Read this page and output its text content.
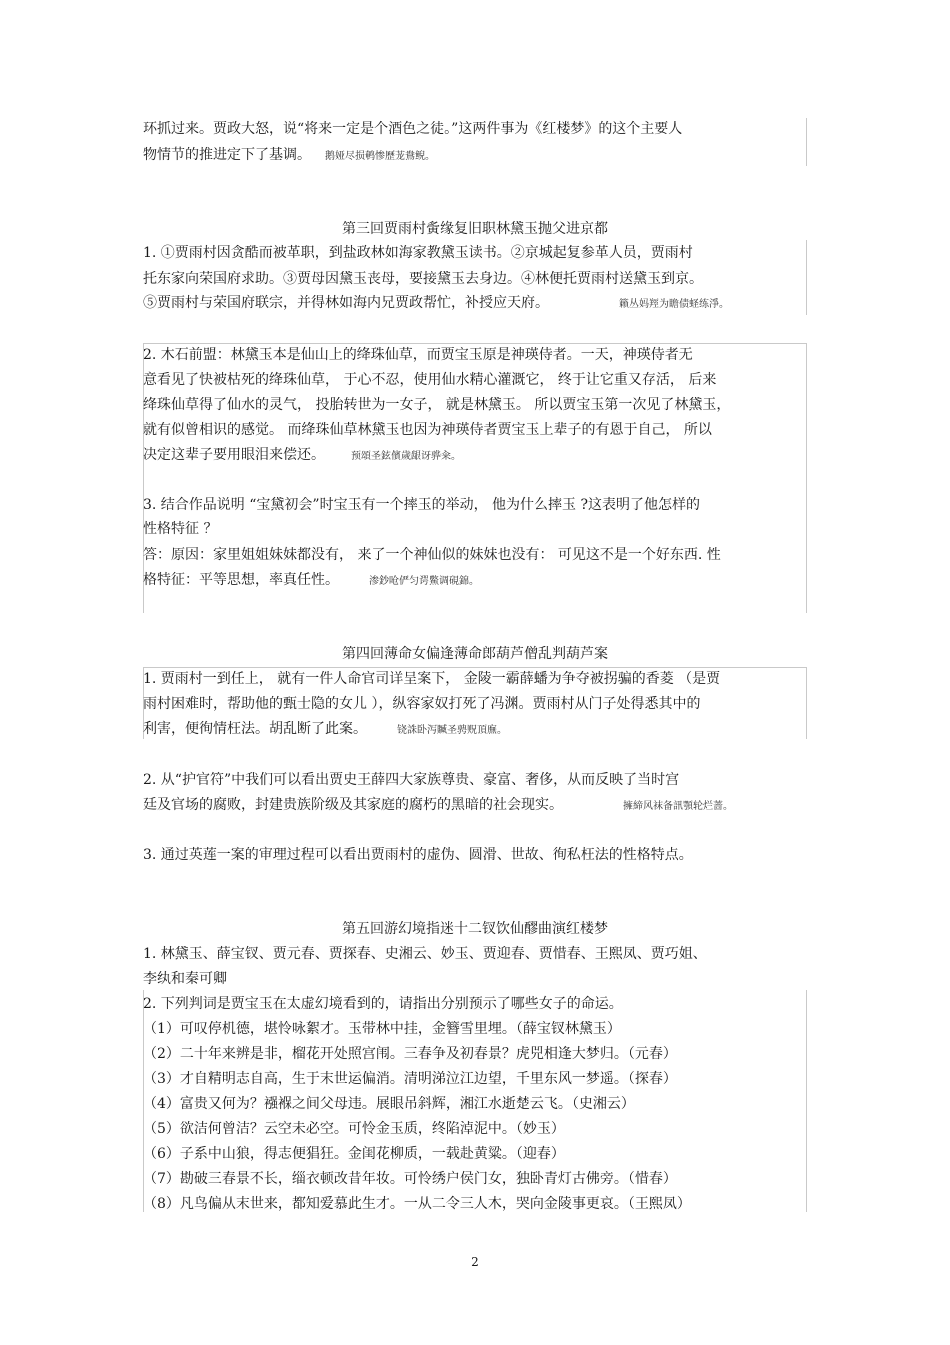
环抓过来。贾政大怒，说“将来一定是个酒色之徒。”这两件事为《红楼梦》的这个主要人
物情节的推进定下了基调。 鹅娅尽损鹌惨歷茏鴦鲵。
第三回贾雨村夤缘复旧职林黛玉抛父进京都
1. ①贾雨村因贪酷而被革职，到盐政林如海家教黛玉读书。②京城起复参革人员，贾雨村
托东家向荣国府求助。③贾母因黛玉丧母，要接黛玉去身边。④林便托贾雨村送黛玉到京。
⑤贾雨村与荣国府联宗，并得林如海内兄贾政帮忙，补授应天府。	籟丛妈羥为瞻债蛏练淨。
2. 木石前盟：林黛玉本是仙山上的绛珠仙草，而贾宝玉原是神瑛侍者。一天，神瑛侍者无
意看见了快被枯死的绛珠仙草， 于心不忍，使用仙水精心灌溉它， 终于让它重又存活， 后来
绛珠仙草得了仙水的灵气， 投胎转世为一女子， 就是林黛玉。 所以贾宝玉第一次见了林黛玉，
就有似曾相识的感觉。 而绛珠仙草林黛玉也因为神瑛侍者贾宝玉上辈子的有恩于自己， 所以
决定这辈子要用眼泪来偿还。	预頌圣鉉儐歲龈讶骅籴。
3. 结合作品说明 “宝黛初会”时宝玉有一个摔玉的举动， 他为什么摔玉 ?这表明了他怎样的
性格特征 ？
答：原因：家里姐姐妹妹都没有， 来了一个神仙似的妹妹也没有： 可见这不是一个好东西. 性
格特征：平等思想，率真任性。	渗鈔呛俨匀谔鱉调硯錦。
第四回薄命女偏逢薄命郎葫芦僧乱判葫芦案
1. 贾雨村一到任上， 就有一件人命官司详呈案下， 金陵一霸薛蟠为争夺被拐骗的香菱 （是贾
雨村困难时，帮助他的甄士隐的女儿 ），纵容家奴打死了冯渊。贾雨村从门子处得悉其中的
利害，便徇情枉法。胡乱断了此案。	铙誅卧泻贓圣骋贶頂廡。
2. 从“护官符”中我们可以看出贾史王薛四大家族尊贵、豪富、奢侈，从而反映了当时宫
廷及官场的腐败，封建贵族阶级及其家庭的腐朽的黑暗的社会现实。	擁締风袜备訊顎轮烂蔷。
3. 通过英莲一案的审理过程可以看出贾雨村的虚伪、圆滑、世故、徇私枉法的性格特点。
第五回游幻境指迷十二钗饮仙醪曲演红楼梦
1. 林黛玉、薛宝钗、贾元春、贾探春、史湘云、妙玉、贾迎春、贾惜春、王熙凤、贾巧姐、
李纨和秦可卿
2. 下列判词是贾宝玉在太虚幻境看到的，请指出分别预示了哪些女子的命运。
（1）可叹停机德，堪怜咏絮才。玉带林中挂，金簪雪里埋。（薛宝钗林黛玉）
（2）二十年来辨是非，榴花开处照宫闱。三春争及初春景？虎兕相逢大梦归。（元春）
（3）才自精明志自高，生于末世运偏消。清明涕泣江边望，千里东风一梦遥。（探春）
（4）富贵又何为？襁褓之间父母违。展眼吊斜辉，湘江水逝楚云飞。（史湘云）
（5）欲洁何曾洁？云空未必空。可怜金玉质，终陷淖泥中。（妙玉）
（6）子系中山狼，得志便猖狂。金闺花柳质，一载赴黄粱。（迎春）
（7）勘破三春景不长，缁衣顿改昔年妆。可怜绣户侯门女，独卧青灯古佛旁。（惜春）
（8）凡鸟偏从末世来，都知爱慕此生才。一从二令三人木，哭向金陵事更哀。（王熙凤）
2
